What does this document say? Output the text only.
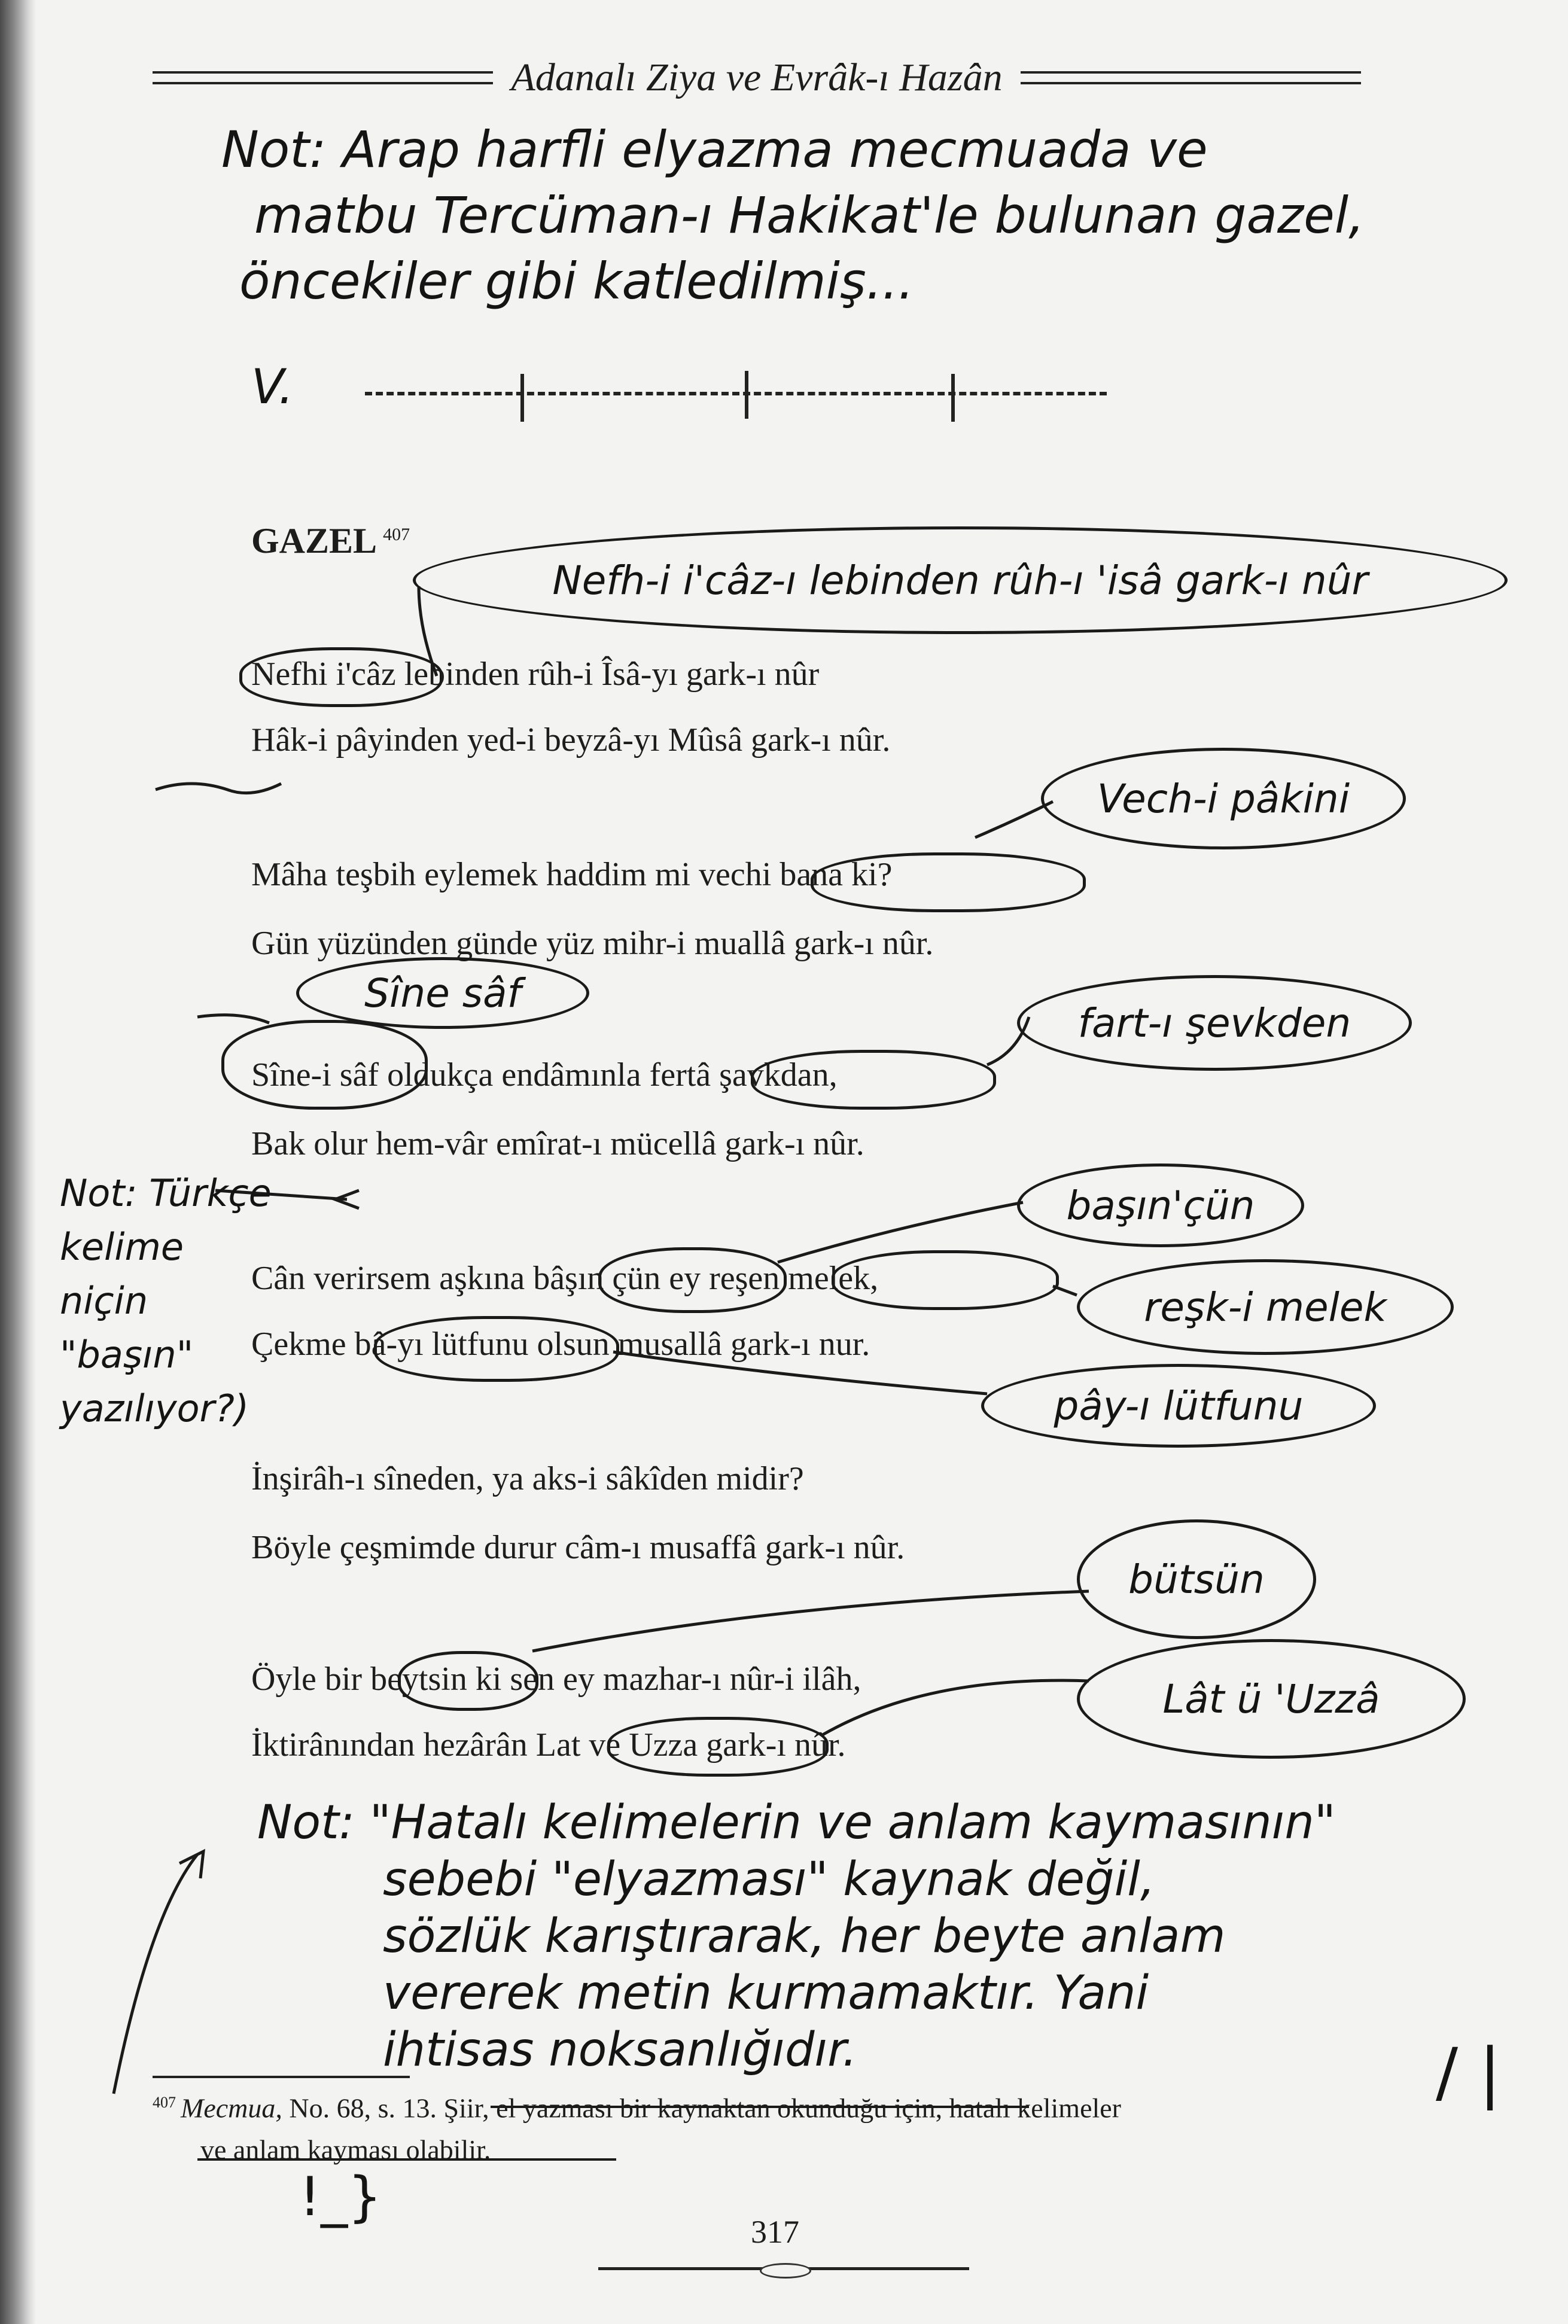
Adanalı Ziya ve Evrâk-ı Hazân
Not: Arap harfli elyazma mecmuada ve
matbu Tercüman-ı Hakikat'le bulunan gazel,
öncekiler gibi katledilmiş...
V.
GAZEL $^{407}$
Nefhi i'câz lebinden rûh-i Îsâ-yı gark-ı nûr
Hâk-i pâyinden yed-i beyzâ-yı Mûsâ gark-ı nûr.
Mâha teşbih eylemek haddim mi vechi bana ki?
Gün yüzünden günde yüz mihr-i muallâ gark-ı nûr.
Sîne-i sâf oldukça endâmınla fertâ şavkdan,
Bak olur hem-vâr emîrat-ı mücellâ gark-ı nûr.
Cân verirsem aşkına bâşın çün ey reşen melek,
Çekme bâ-yı lütfunu olsun musallâ gark-ı nur.
İnşirâh-ı sîneden, ya aks-i sâkîden midir?
Böyle çeşmimde durur câm-ı musaffâ gark-ı nûr.
Öyle bir beytsin ki sen ey mazhar-ı nûr-i ilâh,
İktirânından hezârân Lat ve Uzza gark-ı nûr.
Nefh-i i'câz-ı lebinden rûh-ı 'isâ gark-ı nûr
Vech-i pâkini
Sîne sâf
fart-ı şevkden
başın'çün
reşk-i melek
pây-ı lütfunu
bütsün
Lât ü 'Uzzâ
Not: Türkçe
kelime
niçin
"başın"
yazılıyor?)
Not: "Hatalı kelimelerin ve anlam kaymasının"
sebebi "elyazması" kaynak değil,
sözlük karıştırarak, her beyte anlam
vererek metin kurmamaktır. Yani
ihtisas noksanlığıdır.
$^{407}$ Mecmua, No. 68, s. 13. Şiir, el yazması bir kaynaktan okunduğu için, hatalı kelimeler
ve anlam kayması olabilir.
/ |
!_}
317
